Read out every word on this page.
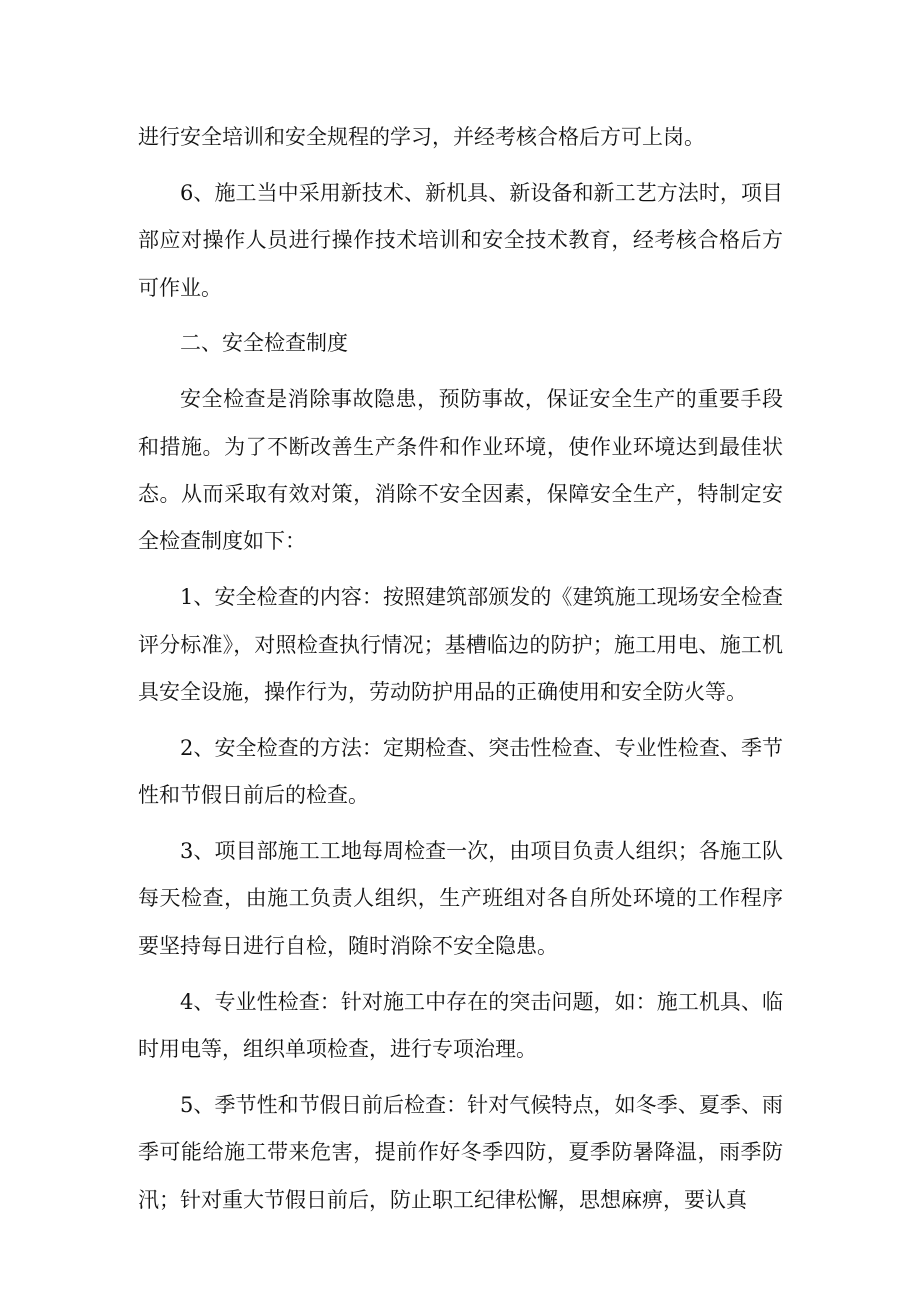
进行安全培训和安全规程的学习，并经考核合格后方可上岗。

6、施工当中采用新技术、新机具、新设备和新工艺方法时，项目部应对操作人员进行操作技术培训和安全技术教育，经考核合格后方可作业。

二、安全检查制度

安全检查是消除事故隐患，预防事故，保证安全生产的重要手段和措施。为了不断改善生产条件和作业环境，使作业环境达到最佳状态。从而采取有效对策，消除不安全因素，保障安全生产，特制定安全检查制度如下：

1、安全检查的内容：按照建筑部颁发的《建筑施工现场安全检查评分标准》，对照检查执行情况；基槽临边的防护；施工用电、施工机具安全设施，操作行为，劳动防护用品的正确使用和安全防火等。

2、安全检查的方法：定期检查、突击性检查、专业性检查、季节性和节假日前后的检查。

3、项目部施工工地每周检查一次，由项目负责人组织；各施工队每天检查，由施工负责人组织，生产班组对各自所处环境的工作程序要坚持每日进行自检，随时消除不安全隐患。

4、专业性检查：针对施工中存在的突击问题，如：施工机具、临时用电等，组织单项检查，进行专项治理。

5、季节性和节假日前后检查：针对气候特点，如冬季、夏季、雨季可能给施工带来危害，提前作好冬季四防，夏季防暑降温，雨季防汛；针对重大节假日前后，防止职工纪律松懈，思想麻痹，要认真
